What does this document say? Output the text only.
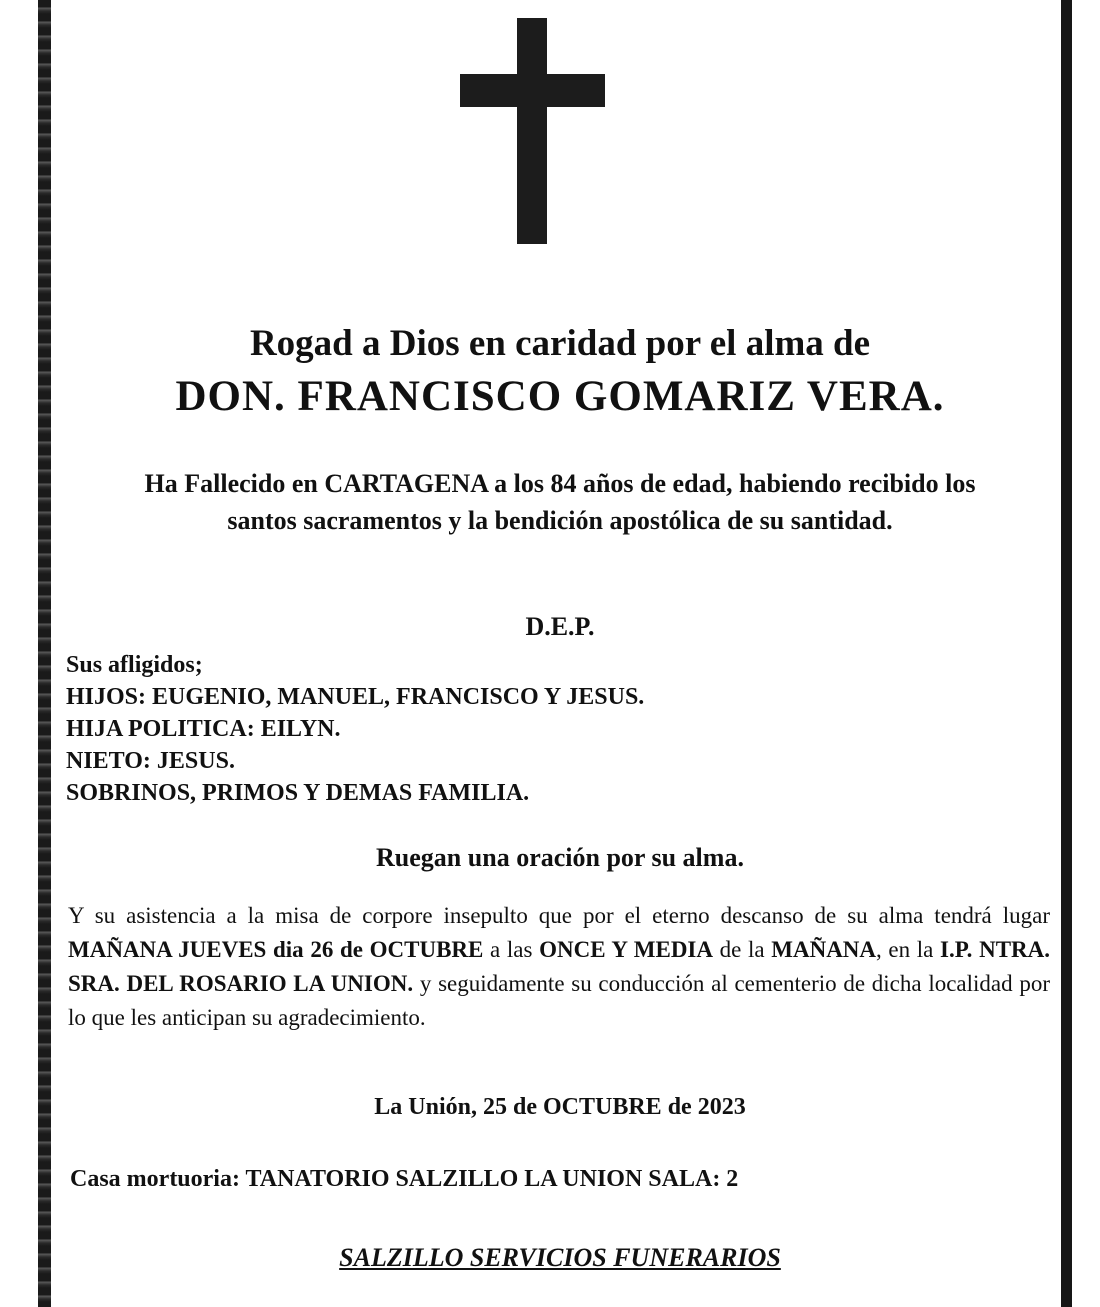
Rogad a Dios en caridad por el alma de
DON. FRANCISCO GOMARIZ VERA.
Ha Fallecido en CARTAGENA a los 84 años de edad, habiendo recibido los santos sacramentos y la bendición apostólica de su santidad.
D.E.P.
Sus afligidos;
HIJOS: EUGENIO, MANUEL, FRANCISCO Y JESUS.
HIJA POLITICA: EILYN.
NIETO: JESUS.
SOBRINOS, PRIMOS Y DEMAS FAMILIA.
Ruegan una oración por su alma.
Y su asistencia a la misa de corpore insepulto que por el eterno descanso de su alma tendrá lugar MAÑANA JUEVES dia 26 de OCTUBRE a las ONCE Y MEDIA de la MAÑANA, en la I.P. NTRA. SRA. DEL ROSARIO LA UNION. y seguidamente su conducción al cementerio de dicha localidad por lo que les anticipan su agradecimiento.
La Unión, 25 de OCTUBRE de 2023
Casa mortuoria: TANATORIO SALZILLO LA UNION SALA: 2
SALZILLO SERVICIOS FUNERARIOS
